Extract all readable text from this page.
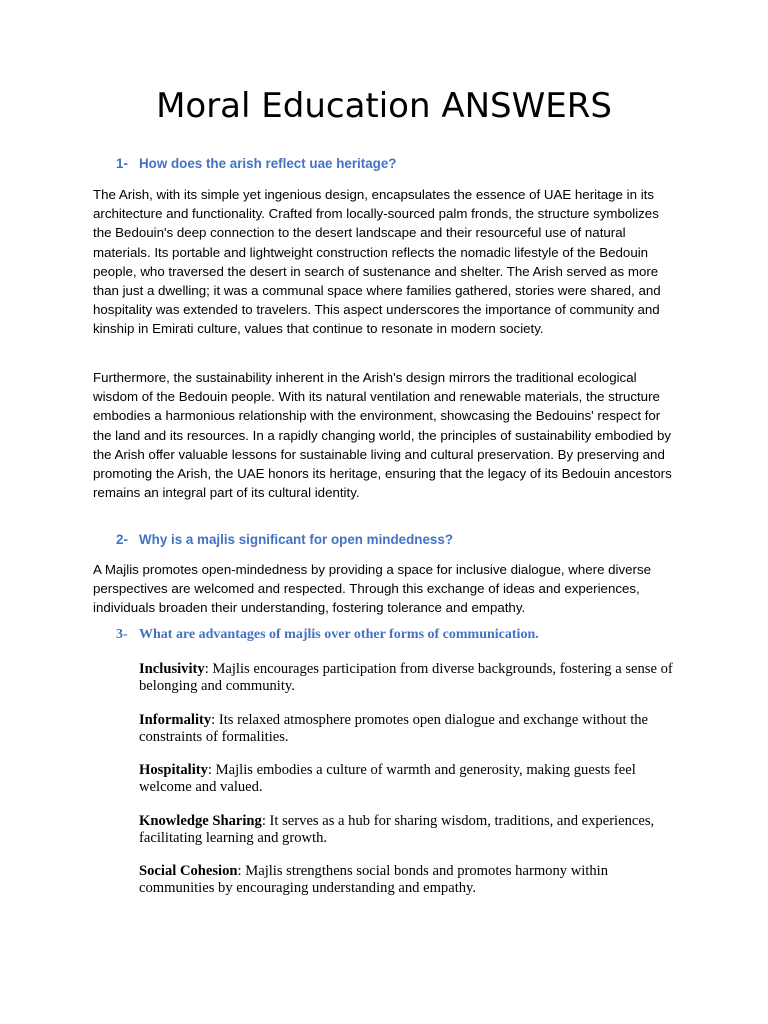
Moral Education ANSWERS

1- How does the arish reflect uae heritage?

The Arish, with its simple yet ingenious design, encapsulates the essence of UAE heritage in its architecture and functionality. Crafted from locally-sourced palm fronds, the structure symbolizes the Bedouin's deep connection to the desert landscape and their resourceful use of natural materials. Its portable and lightweight construction reflects the nomadic lifestyle of the Bedouin people, who traversed the desert in search of sustenance and shelter. The Arish served as more than just a dwelling; it was a communal space where families gathered, stories were shared, and hospitality was extended to travelers. This aspect underscores the importance of community and kinship in Emirati culture, values that continue to resonate in modern society.

Furthermore, the sustainability inherent in the Arish's design mirrors the traditional ecological wisdom of the Bedouin people. With its natural ventilation and renewable materials, the structure embodies a harmonious relationship with the environment, showcasing the Bedouins' respect for the land and its resources. In a rapidly changing world, the principles of sustainability embodied by the Arish offer valuable lessons for sustainable living and cultural preservation. By preserving and promoting the Arish, the UAE honors its heritage, ensuring that the legacy of its Bedouin ancestors remains an integral part of its cultural identity.

2- Why is a majlis significant for open mindedness?

A Majlis promotes open-mindedness by providing a space for inclusive dialogue, where diverse perspectives are welcomed and respected. Through this exchange of ideas and experiences, individuals broaden their understanding, fostering tolerance and empathy.

3- What are advantages of majlis over other forms of communication.

Inclusivity: Majlis encourages participation from diverse backgrounds, fostering a sense of belonging and community.

Informality: Its relaxed atmosphere promotes open dialogue and exchange without the constraints of formalities.

Hospitality: Majlis embodies a culture of warmth and generosity, making guests feel welcome and valued.

Knowledge Sharing: It serves as a hub for sharing wisdom, traditions, and experiences, facilitating learning and growth.

Social Cohesion: Majlis strengthens social bonds and promotes harmony within communities by encouraging understanding and empathy.
